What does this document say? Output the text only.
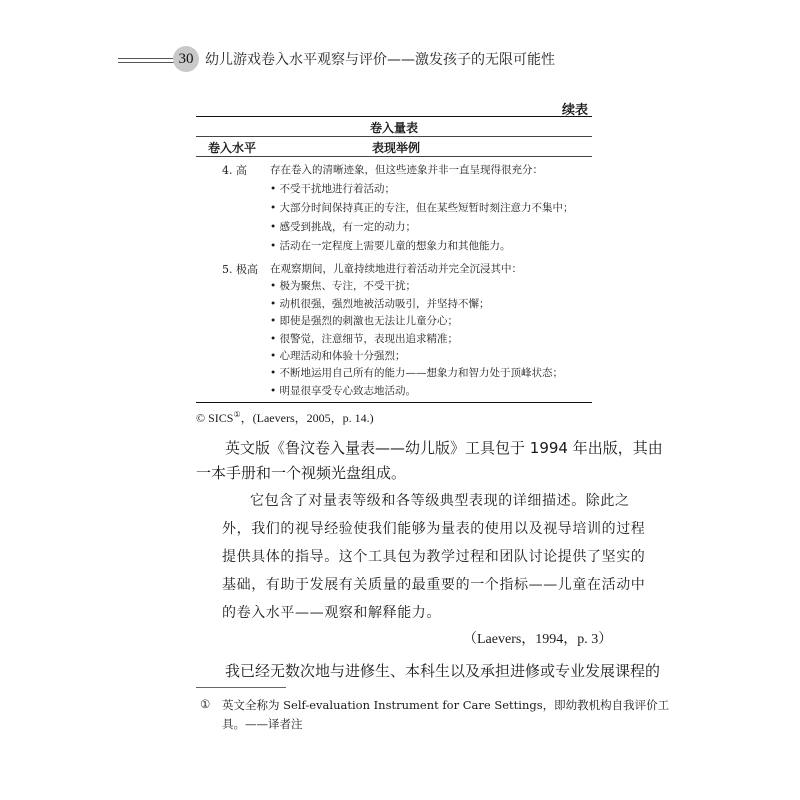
30 幼儿游戏卷入水平观察与评价——激发孩子的无限可能性
续表
卷入量表
卷入水平	表现举例
4. 高 存在卷入的清晰迹象，但这些迹象并非一直呈现得很充分：
• 不受干扰地进行着活动；
• 大部分时间保持真正的专注，但在某些短暂时刻注意力不集中；
• 感受到挑战，有一定的动力；
• 活动在一定程度上需要儿童的想象力和其他能力。
5. 极高 在观察期间，儿童持续地进行着活动并完全沉浸其中：
• 极为聚焦、专注，不受干扰；
• 动机很强，强烈地被活动吸引，并坚持不懈；
• 即使是强烈的刺激也无法让儿童分心；
• 很警觉，注意细节，表现出追求精准；
• 心理活动和体验十分强烈；
• 不断地运用自己所有的能力——想象力和智力处于顶峰状态；
• 明显很享受专心致志地活动。
© SICS①，(Laevers，2005，p. 14.)
英文版《鲁汶卷入量表——幼儿版》工具包于 1994 年出版，其由
一本手册和一个视频光盘组成。
它包含了对量表等级和各等级典型表现的详细描述。除此之
外，我们的视导经验使我们能够为量表的使用以及视导培训的过程
提供具体的指导。这个工具包为教学过程和团队讨论提供了坚实的
基础，有助于发展有关质量的最重要的一个指标——儿童在活动中
（Laevers，1994，p. 3）
我已经无数次地与进修生、本科生以及承担进修或专业发展课程的
① 英文全称为 Self-evaluation Instrument for Care Settings，即幼教机构自我评价工
具。——译者注
的卷入水平——观察和解释能力。
